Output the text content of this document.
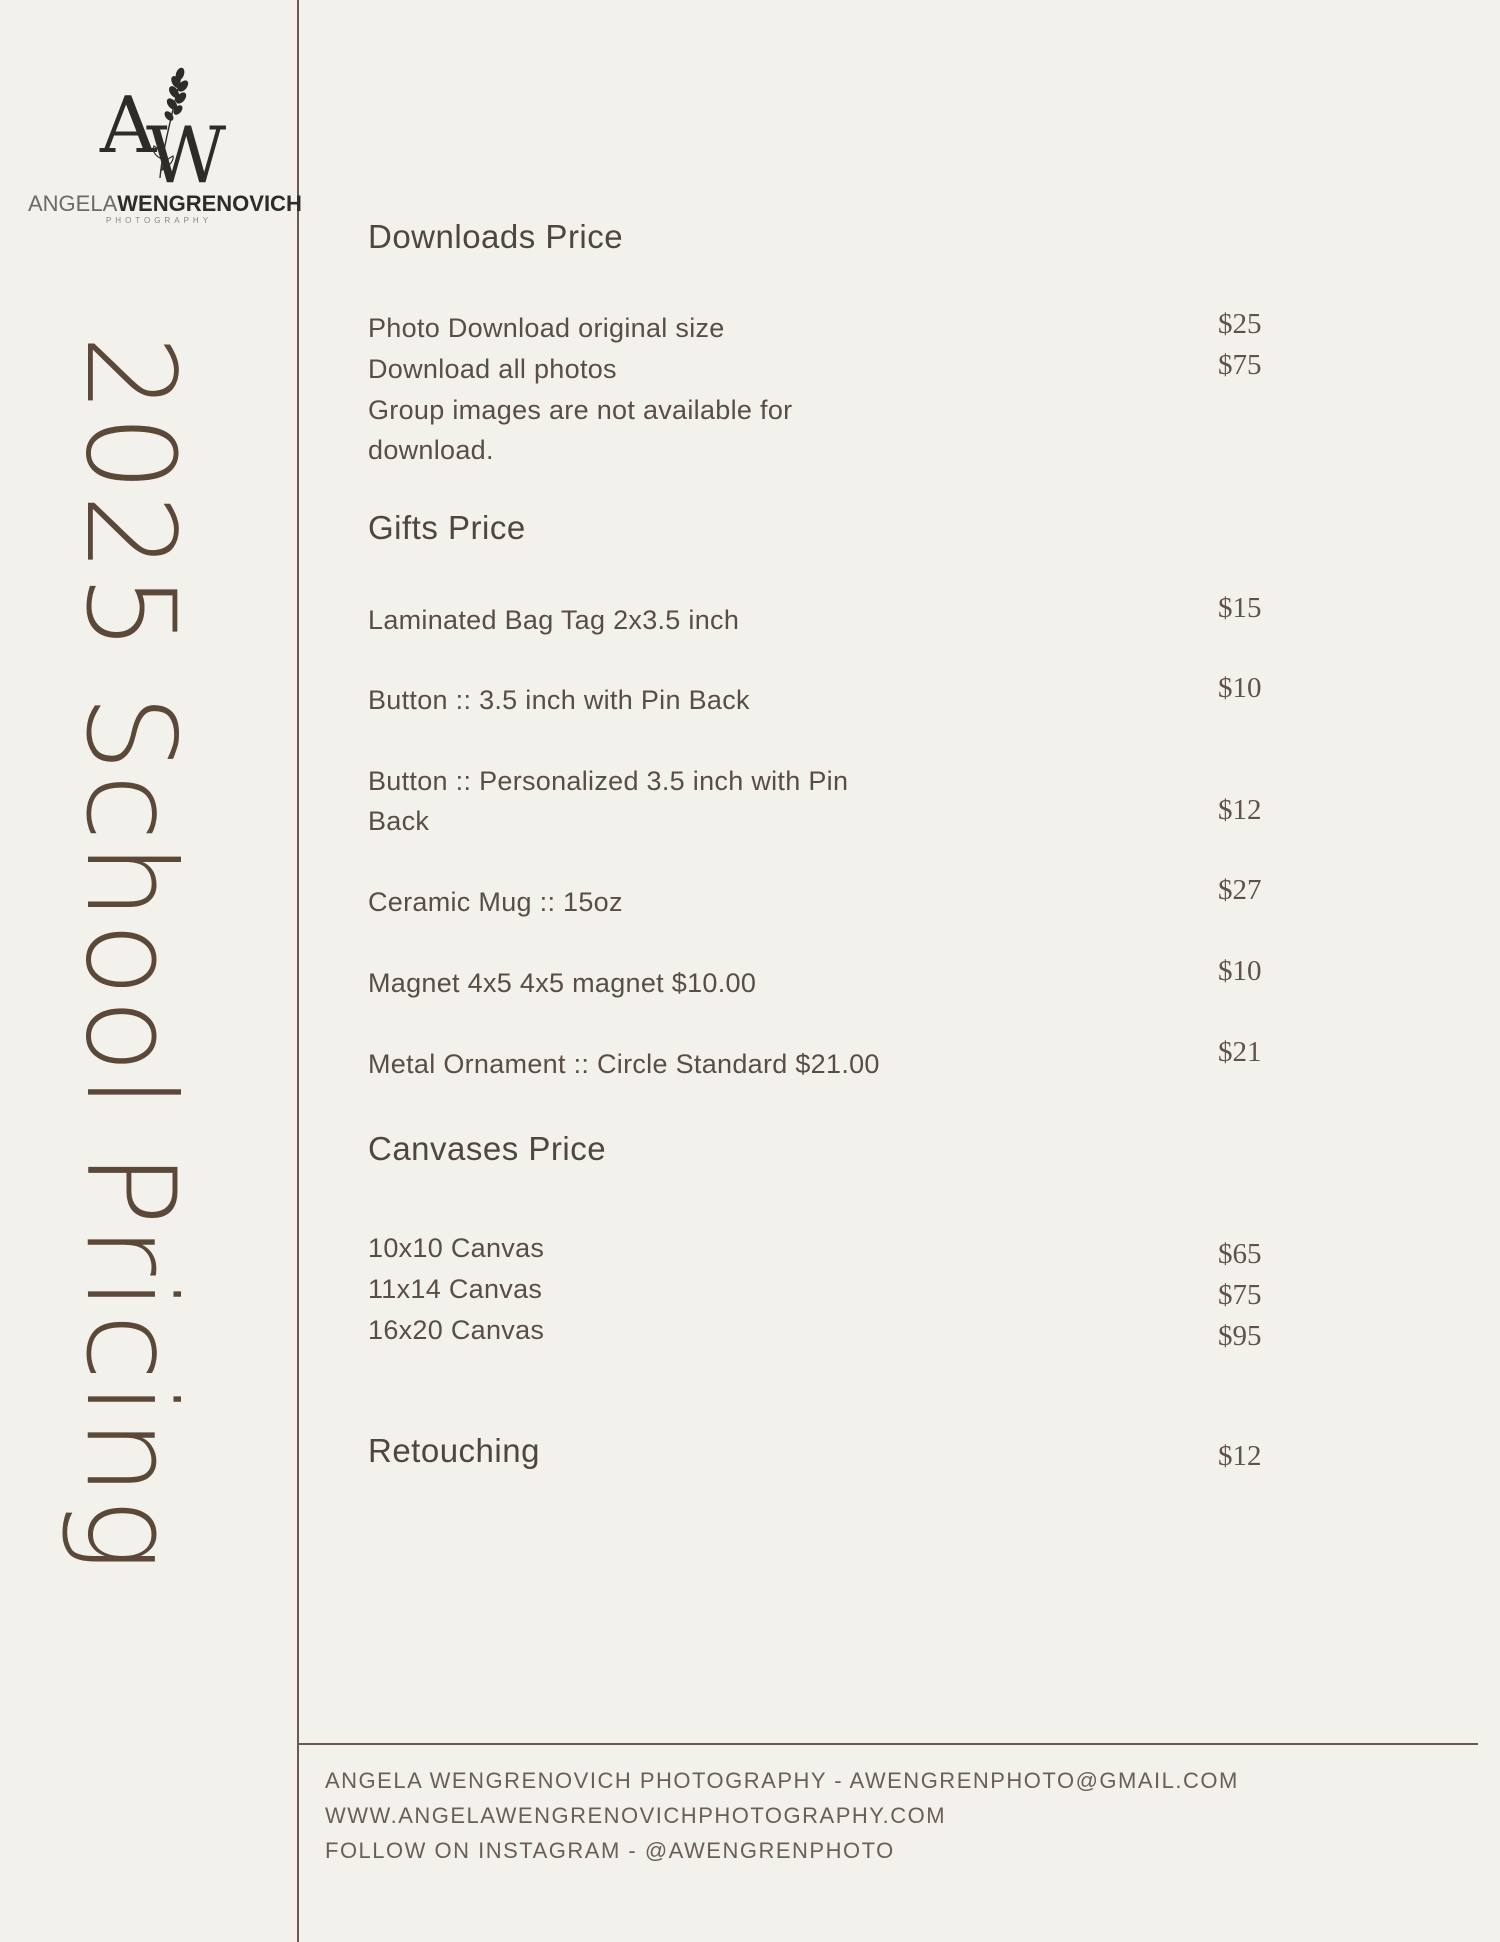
A
W
ANGELAWENGRENOVICH
PHOTOGRAPHY
2025 School Pricing
Downloads Price
Photo Download original size	$25
Download all photos	$75
Group images are not available for
download.
Gifts Price
Laminated Bag Tag 2x3.5 inch	$15
Button :: 3.5 inch with Pin Back	$10
Button :: Personalized 3.5 inch with Pin
Back	$12
Ceramic Mug :: 15oz	$27
Magnet 4x5 4x5 magnet $10.00	$10
Metal Ornament :: Circle Standard $21.00	$21
Canvases Price
10x10 Canvas	$65
11x14 Canvas	$75
16x20 Canvas	$95
Retouching	$12
ANGELA WENGRENOVICH PHOTOGRAPHY - AWENGRENPHOTO@GMAIL.COM
WWW.ANGELAWENGRENOVICHPHOTOGRAPHY.COM
FOLLOW ON INSTAGRAM - @AWENGRENPHOTO
